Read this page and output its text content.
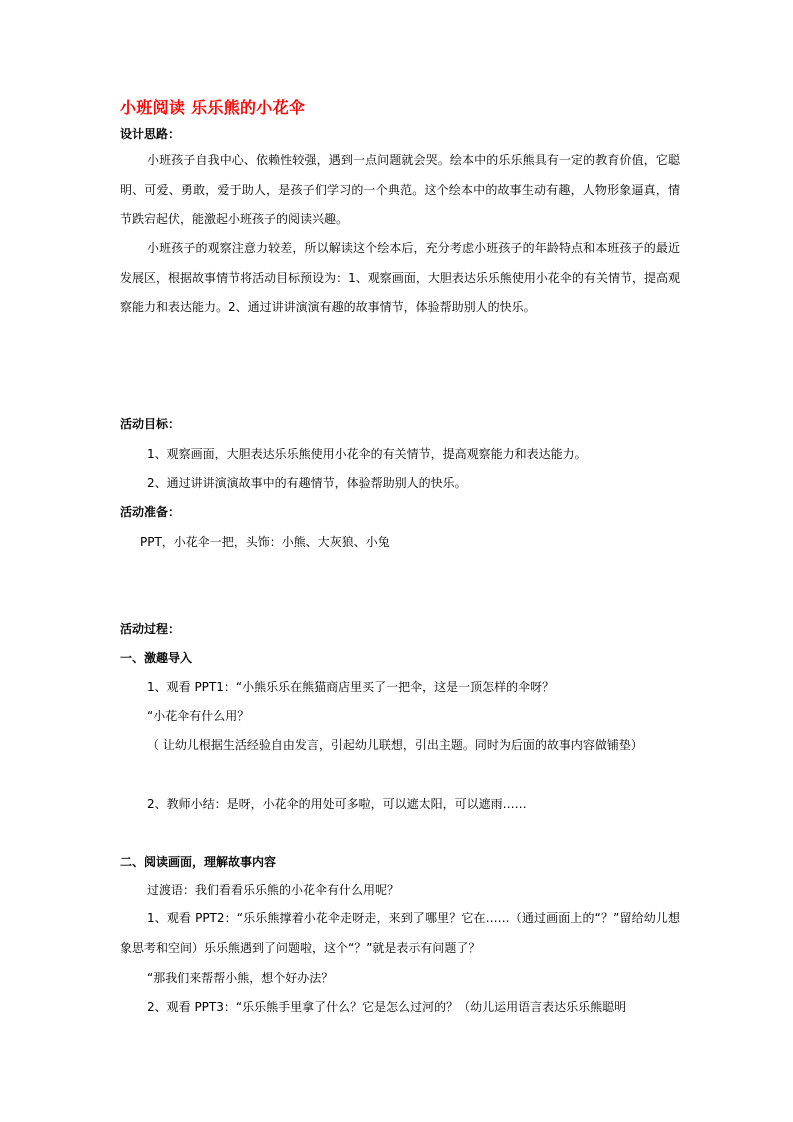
小班阅读 乐乐熊的小花伞
设计思路：
小班孩子自我中心、依赖性较强，遇到一点问题就会哭。绘本中的乐乐熊具有一定的教育价值，它聪明、可爱、勇敢，爱于助人，是孩子们学习的一个典范。这个绘本中的故事生动有趣，人物形象逼真，情节跌宕起伏，能激起小班孩子的阅读兴趣。
小班孩子的观察注意力较差，所以解读这个绘本后，充分考虑小班孩子的年龄特点和本班孩子的最近发展区，根据故事情节将活动目标预设为：1、观察画面，大胆表达乐乐熊使用小花伞的有关情节，提高观察能力和表达能力。2、通过讲讲演演有趣的故事情节，体验帮助别人的快乐。
活动目标：
1、观察画面，大胆表达乐乐熊使用小花伞的有关情节，提高观察能力和表达能力。
2、通过讲讲演演故事中的有趣情节，体验帮助别人的快乐。
活动准备：
PPT，小花伞一把，头饰：小熊、大灰狼、小兔
活动过程：
一、激趣导入
1、观看 PPT1：“小熊乐乐在熊猫商店里买了一把伞，这是一顶怎样的伞呀？
“小花伞有什么用？
（ 让幼儿根据生活经验自由发言，引起幼儿联想，引出主题。同时为后面的故事内容做铺垫）
2、教师小结：是呀，小花伞的用处可多啦，可以遮太阳，可以遮雨……
二、阅读画面，理解故事内容
过渡语：我们看看乐乐熊的小花伞有什么用呢？
1、观看 PPT2：“乐乐熊撑着小花伞走呀走，来到了哪里？它在……（通过画面上的“？”留给幼儿想象思考和空间）乐乐熊遇到了问题啦，这个“？”就是表示有问题了？
“那我们来帮帮小熊，想个好办法？
2、观看 PPT3：“乐乐熊手里拿了什么？它是怎么过河的？（幼儿运用语言表达乐乐熊聪明
